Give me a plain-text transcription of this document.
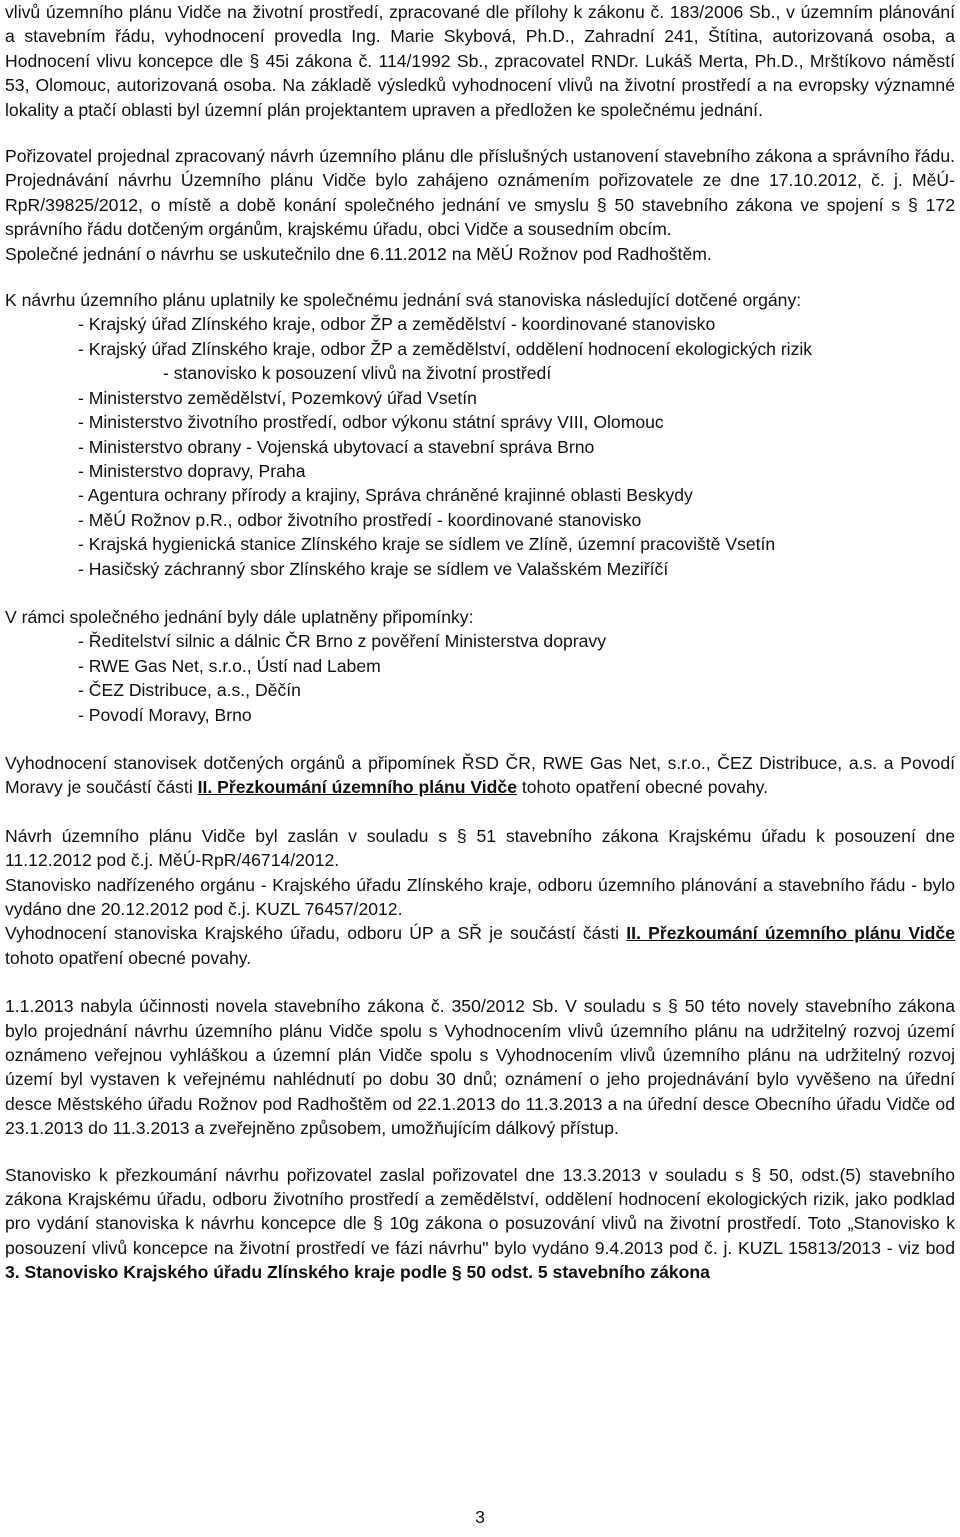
vlivů územního plánu Vidče na životní prostředí, zpracované dle přílohy k zákonu č. 183/2006 Sb., v územním plánování a stavebním řádu, vyhodnocení provedla Ing. Marie Skybová, Ph.D., Zahradní 241, Štítina, autorizovaná osoba, a Hodnocení vlivu koncepce dle § 45i zákona č. 114/1992 Sb., zpracovatel RNDr. Lukáš Merta, Ph.D., Mrštíkovo náměstí 53, Olomouc, autorizovaná osoba. Na základě výsledků vyhodnocení vlivů na životní prostředí a na evropsky významné lokality a ptačí oblasti byl územní plán projektantem upraven a předložen ke společnému jednání.

Pořizovatel projednal zpracovaný návrh územního plánu dle příslušných ustanovení stavebního zákona a správního řádu. Projednávání návrhu Územního plánu Vidče bylo zahájeno oznámením pořizovatele ze dne 17.10.2012, č. j. MěÚ-RpR/39825/2012, o místě a době konání společného jednání ve smyslu § 50 stavebního zákona ve spojení s § 172 správního řádu dotčeným orgánům, krajskému úřadu, obci Vidče a sousedním obcím.

Společné jednání o návrhu se uskutečnilo dne 6.11.2012 na MěÚ Rožnov pod Radhoštěm.

K návrhu územního plánu uplatnily ke společnému jednání svá stanoviska následující dotčené orgány:

- Krajský úřad Zlínského kraje, odbor ŽP a zemědělství - koordinované stanovisko

- Krajský úřad Zlínského kraje, odbor ŽP a zemědělství, oddělení hodnocení ekologických rizik

- stanovisko k posouzení vlivů na životní prostředí

- Ministerstvo zemědělství, Pozemkový úřad Vsetín

- Ministerstvo životního prostředí, odbor výkonu státní správy VIII, Olomouc

- Ministerstvo obrany - Vojenská ubytovací a stavební správa Brno

- Ministerstvo dopravy, Praha

- Agentura ochrany přírody a krajiny, Správa chráněné krajinné oblasti Beskydy

- MěÚ Rožnov p.R., odbor životního prostředí - koordinované stanovisko

- Krajská hygienická stanice Zlínského kraje se sídlem ve Zlíně, územní pracoviště Vsetín

- Hasičský záchranný sbor Zlínského kraje se sídlem ve Valašském Meziříčí

V rámci společného jednání byly dále uplatněny připomínky:

- Ředitelství silnic a dálnic ČR Brno z pověření Ministerstva dopravy

- RWE Gas Net, s.r.o., Ústí nad Labem

- ČEZ Distribuce, a.s., Děčín

- Povodí Moravy, Brno

Vyhodnocení stanovisek dotčených orgánů a připomínek ŘSD ČR, RWE Gas Net, s.r.o., ČEZ Distribuce, a.s. a Povodí Moravy je součástí části II. Přezkoumání územního plánu Vidče tohoto opatření obecné povahy.

Návrh územního plánu Vidče byl zaslán v souladu s § 51 stavebního zákona Krajskému úřadu k posouzení dne 11.12.2012 pod č.j. MěÚ-RpR/46714/2012.

Stanovisko nadřízeného orgánu - Krajského úřadu Zlínského kraje, odboru územního plánování a stavebního řádu - bylo vydáno dne 20.12.2012 pod č.j. KUZL 76457/2012.

Vyhodnocení stanoviska Krajského úřadu, odboru ÚP a SŘ je součástí části II. Přezkoumání územního plánu Vidče tohoto opatření obecné povahy.

1.1.2013 nabyla účinnosti novela stavebního zákona č. 350/2012 Sb. V souladu s § 50 této novely stavebního zákona bylo projednání návrhu územního plánu Vidče spolu s Vyhodnocením vlivů územního plánu na udržitelný rozvoj území oznámeno veřejnou vyhláškou a územní plán Vidče spolu s Vyhodnocením vlivů územního plánu na udržitelný rozvoj území byl vystaven k veřejnému nahlédnutí po dobu 30 dnů; oznámení o jeho projednávání bylo vyvěšeno na úřední desce Městského úřadu Rožnov pod Radhoštěm od 22.1.2013 do 11.3.2013 a na úřední desce Obecního úřadu Vidče od 23.1.2013 do 11.3.2013 a zveřejněno způsobem, umožňujícím dálkový přístup.

Stanovisko k přezkoumání návrhu pořizovatel zaslal pořizovatel dne 13.3.2013 v souladu s § 50, odst.(5) stavebního zákona Krajskému úřadu, odboru životního prostředí a zemědělství, oddělení hodnocení ekologických rizik, jako podklad pro vydání stanoviska k návrhu koncepce dle § 10g zákona o posuzování vlivů na životní prostředí. Toto „Stanovisko k posouzení vlivů koncepce na životní prostředí ve fázi návrhu" bylo vydáno 9.4.2013 pod č. j. KUZL 15813/2013 - viz bod 3. Stanovisko Krajského úřadu Zlínského kraje podle § 50 odst. 5 stavebního zákona

3
